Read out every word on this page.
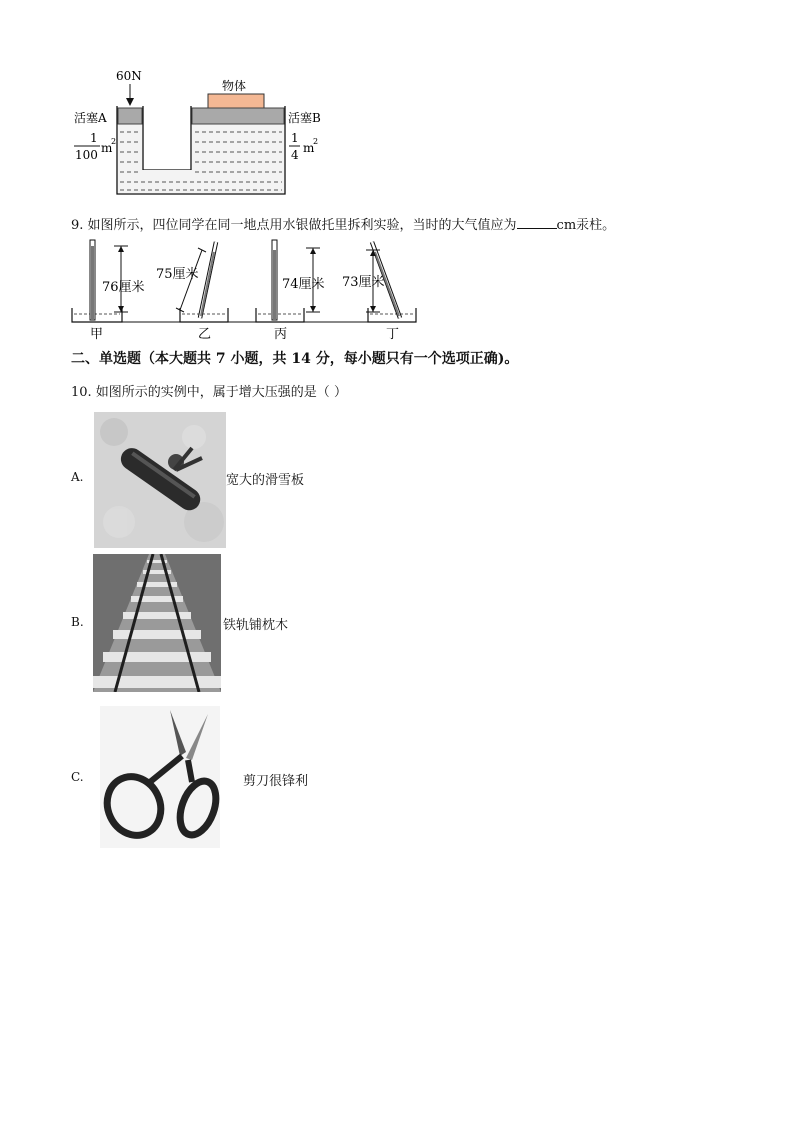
60N
物体
活塞A
1
100 m
2
活塞B
1
4 m
2
9. 如图所示，四位同学在同一地点用水银做托里拆利实验，当时的大气值应为	cm汞柱。
76厘米
75厘米
74厘米 73厘米
甲	乙	丙	丁
二、单选题（本大题共 7 小题，共 14 分，每小题只有一个选项正确)。
10. 如图所示的实例中，属于增大压强的是（ ）
A.	宽大的滑雪板
B.	铁轨铺枕木
C.	剪刀很锋利
